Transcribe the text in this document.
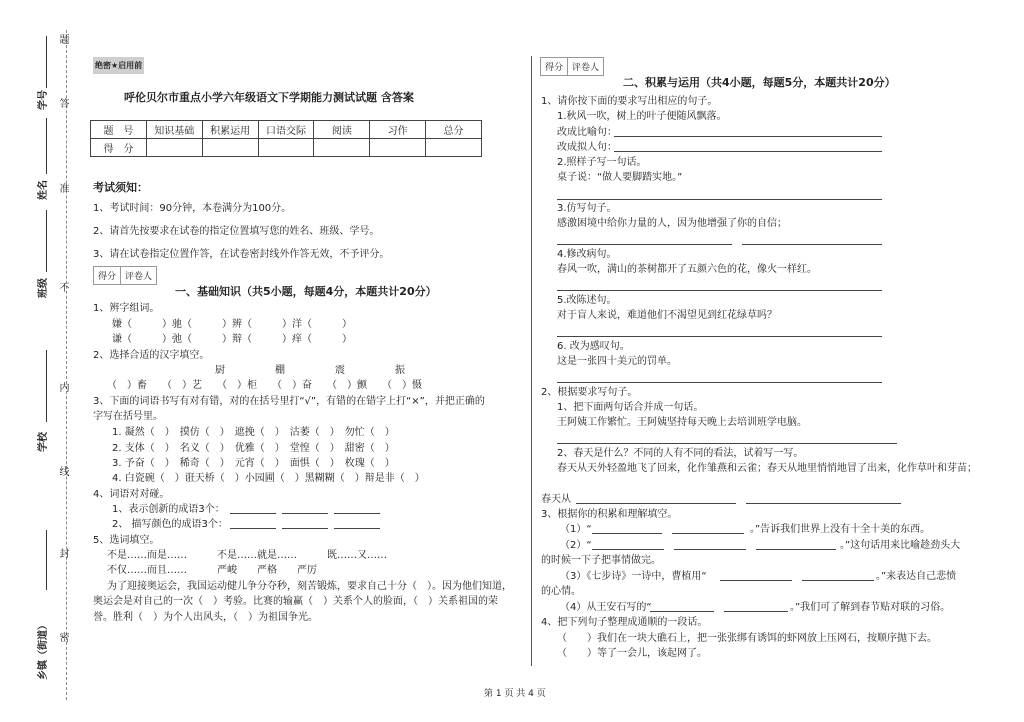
题
答
准
不
内
线
封
密
学号
姓名
班级
学校
乡镇（街道）
绝密★启用前
呼伦贝尔市重点小学六年级语文下学期能力测试试题 含答案
题　号	知识基础	积累运用	口语交际	阅读	习作	总分
得　分						
考试须知：
1、考试时间：90分钟，本卷满分为100分。
2、请首先按要求在试卷的指定位置填写您的姓名、班级、学号。
3、请在试卷指定位置作答，在试卷密封线外作答无效，不予评分。
得分	评卷人
一、基础知识（共5小题，每题4分，本题共计20分）
1、辨字组词。
嫌（　　　）驰（　　　）辨（　　　）洋（　　　）
谦（　　　）弛（　　　）辩（　　　）痒（　　　）
2、选择合适的汉字填空。
厨　　　　　棚　　　　　震　　　　　振
（　）畜　　（　）艺　　（　）柜　　（　）奋　　（　）颤　　（　）慑
3、下面的词语书写有对有错，对的在括号里打“√”，有错的在错字上打“×”，并把正确的
字写在括号里。
1. 凝然（　）　摸仿（　）　遮挽（　）　沽萎（　）　勿忙（　）
2. 支体（　）　名义（　）　优雅（　）　堂惶（　）　甜密（　）
3. 予奋（　）　稀奇（　）　元宵（　）　面惧（　）　枚瑰（　）
4. 白瓷碗（　）诳天桥（　）小园圃（　）黑糊糊（　）辩是非（　）
4、词语对对碰。
1、表示创新的成语3个：
2、 描写颜色的成语3个：
5、选词填空。
不是……而是……　　　不是……就是……　　　既……又……
不仅……而且……　　　严峻　　严格　　严厉
为了迎接奥运会，我国运动健儿争分夺秒，刻苦锻炼，要求自己十分（　）。因为他们知道，
奥运会是对自己的一次（　）考验。比赛的输赢（　）关系个人的脸面，（　）关系祖国的荣
誉。胜利（　）为个人出风头，（　）为祖国争光。
得分	评卷人
二、积累与运用（共4小题，每题5分，本题共计20分）
1、请你按下面的要求写出相应的句子。
1.秋风一吹，树上的叶子便随风飘落。
改成比喻句：
改成拟人句：
2.照样子写一句话。
桌子说：“做人要脚踏实地。”
3.仿写句子。
感激困境中给你力量的人，因为他增强了你的自信；
4.修改病句。
春风一吹，满山的茶树都开了五颜六色的花，像火一样红。
5.改陈述句。
对于盲人来说，难道他们不渴望见到红花绿草吗？
6. 改为感叹句。
这是一张四十美元的罚单。
2、根据要求写句子。
1、把下面两句话合并成一句话。
王阿姨工作繁忙。王阿姨坚持每天晚上去培训班学电脑。
2、春天是什么？不同的人有不同的看法，试着写一写。
春天从天外轻盈地飞了回来，化作雏燕和云雀；春天从地里悄悄地冒了出来，化作草叶和芽苗；
春天从
3、根据你的积累和理解填空。
（1）“	。”告诉我们世界上没有十全十美的东西。
（2）“	。”这句话用来比喻趁劲头大
的时候一下子把事情做完。
（3）《七步诗》一诗中，曹植用“	。”来表达自己悲愤
的心情。
（4）从王安石写的“	。”我们可了解到春节贴对联的习俗。
4、把下列句子整理成通顺的一段话。
（　　）我们在一块大礁石上，把一张张绑有诱饵的虾网放上压网石，按顺序抛下去。
（　　）等了一会儿，该起网了。
第 1 页 共 4 页
